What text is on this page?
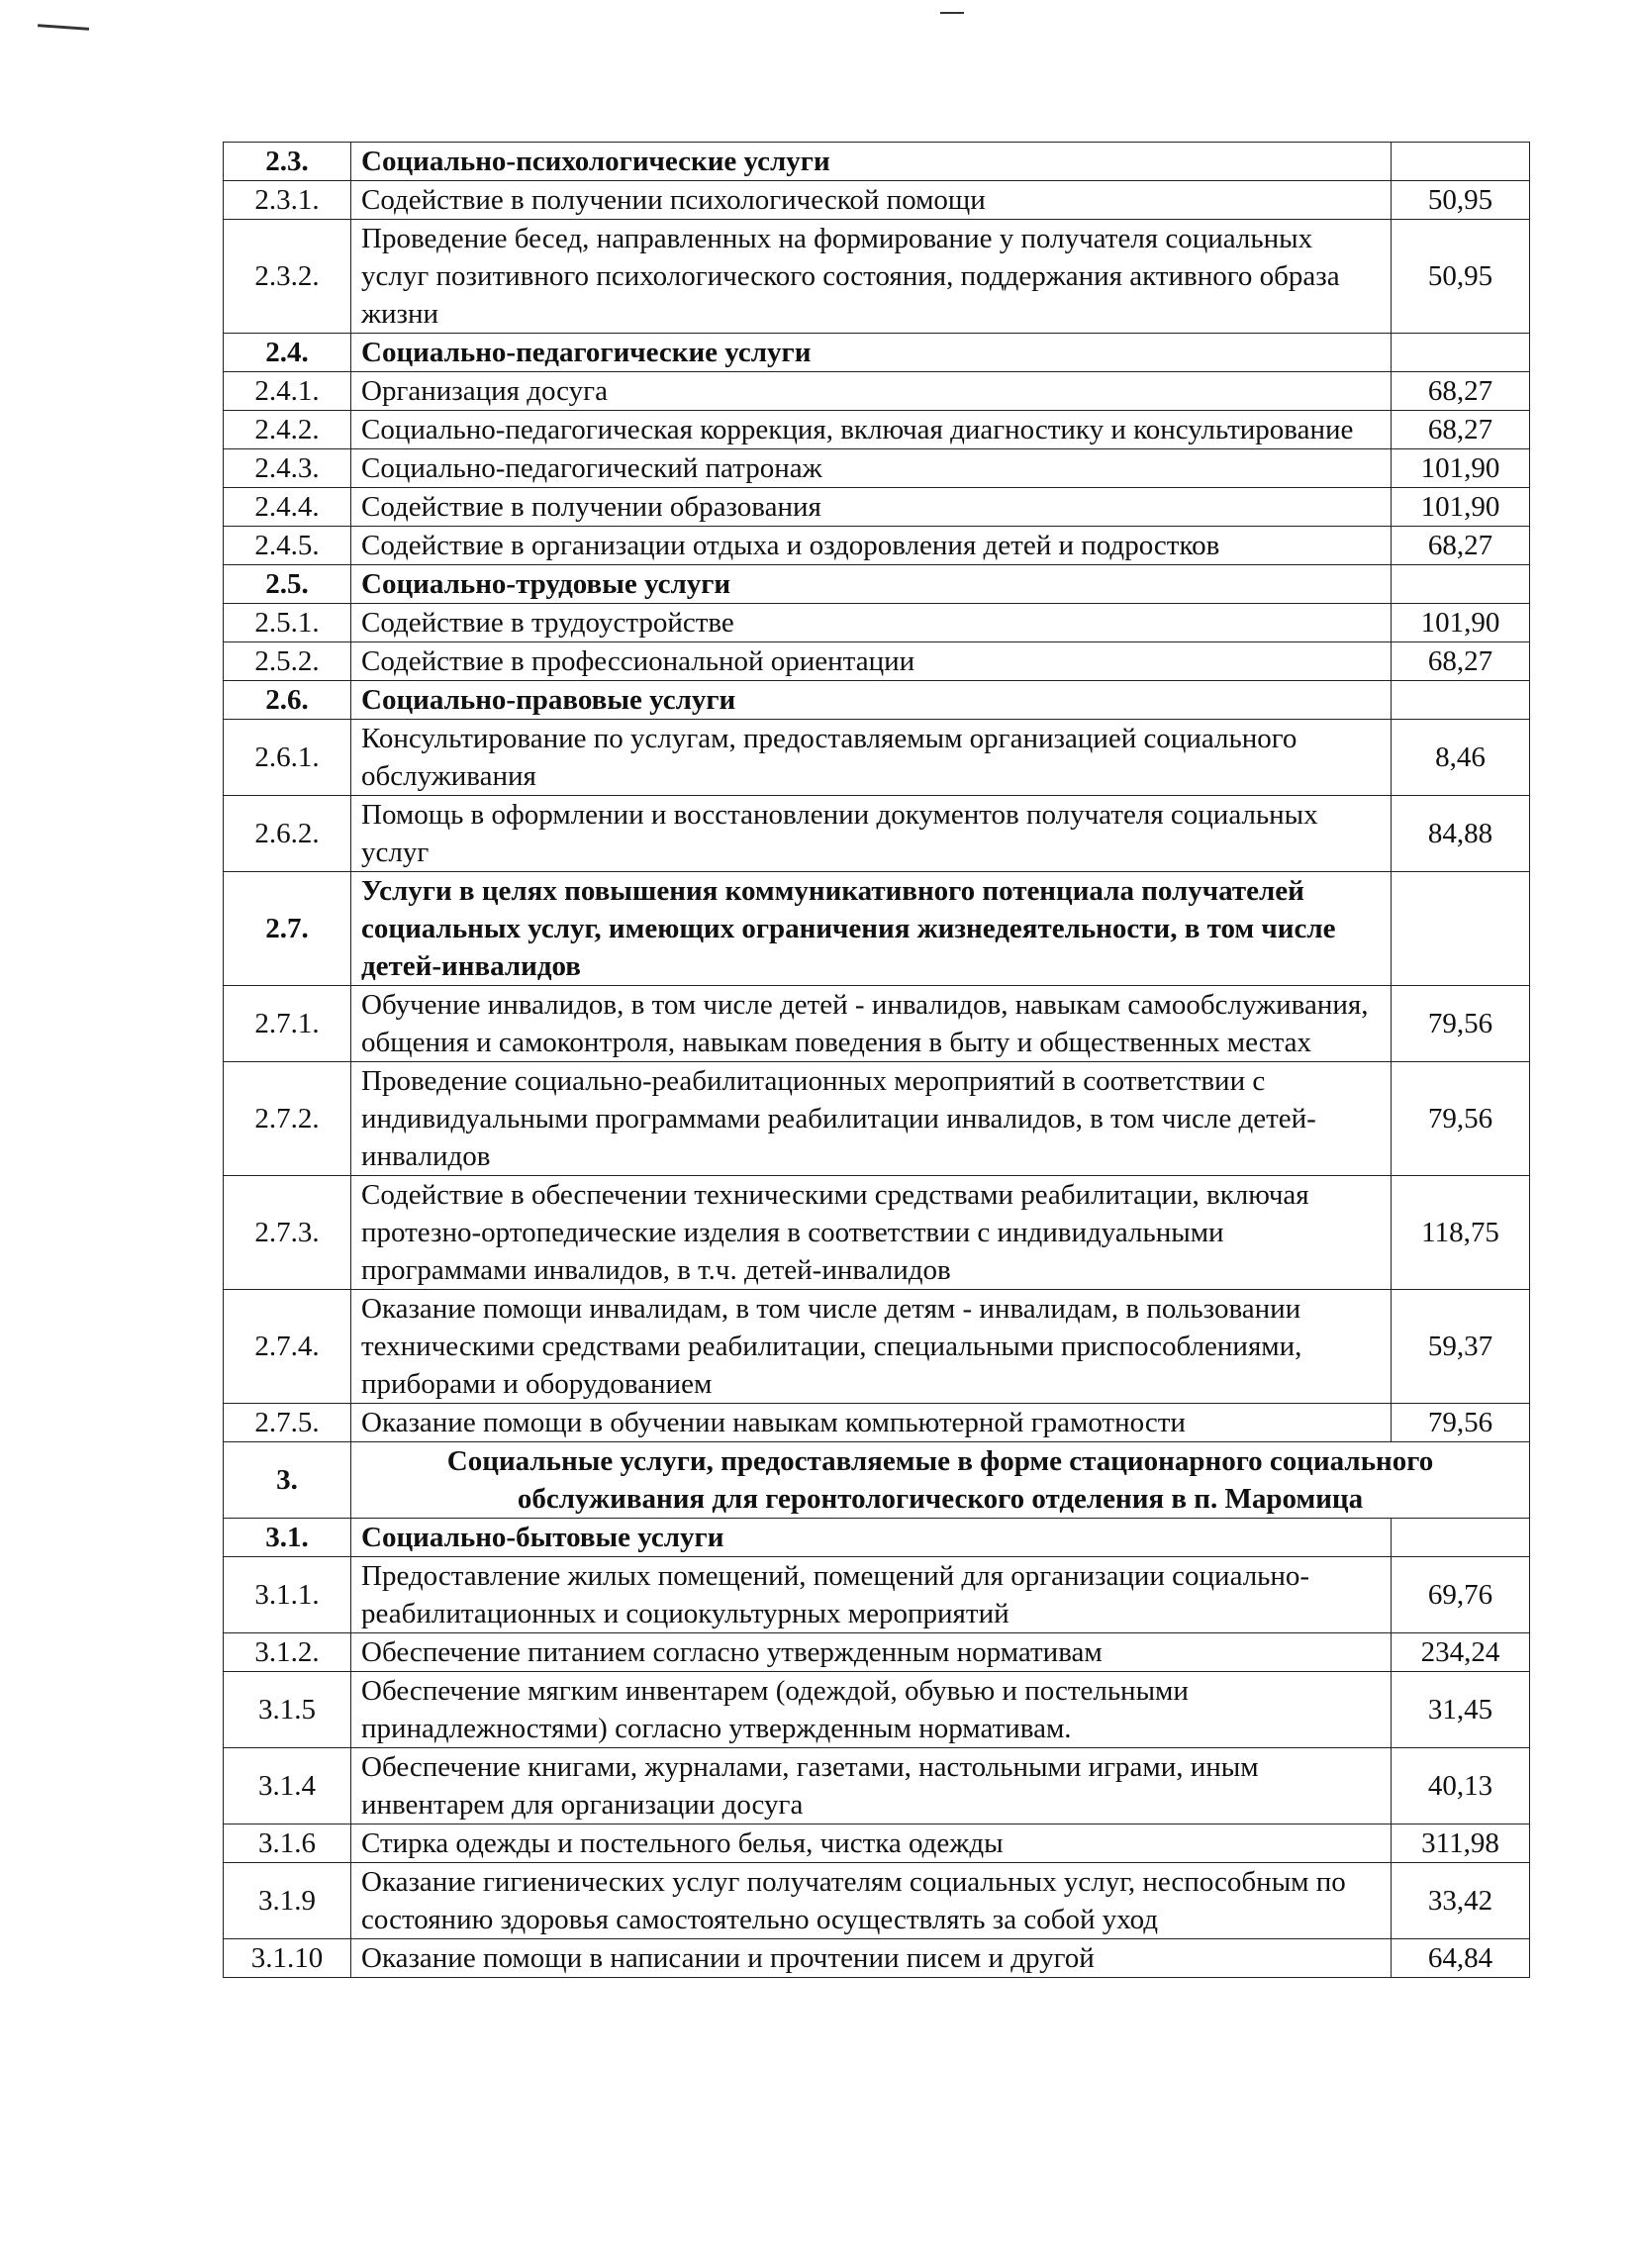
2.3.	Социально-психологические услуги	
2.3.1.	Содействие в получении психологической помощи	50,95
2.3.2.	Проведение бесед, направленных на формирование у получателя социальных услуг позитивного психологического состояния, поддержания активного образа жизни	50,95
2.4.	Социально-педагогические услуги	
2.4.1.	Организация досуга	68,27
2.4.2.	Социально-педагогическая коррекция, включая диагностику и консультирование	68,27
2.4.3.	Социально-педагогический патронаж	101,90
2.4.4.	Содействие в получении образования	101,90
2.4.5.	Содействие в организации отдыха и оздоровления детей и подростков	68,27
2.5.	Социально-трудовые услуги	
2.5.1.	Содействие в трудоустройстве	101,90
2.5.2.	Содействие в профессиональной ориентации	68,27
2.6.	Социально-правовые услуги	
2.6.1.	Консультирование по услугам, предоставляемым организацией социального обслуживания	8,46
2.6.2.	Помощь в оформлении и восстановлении документов получателя социальных услуг	84,88
2.7.	Услуги в целях повышения коммуникативного потенциала получателей социальных услуг, имеющих ограничения жизнедеятельности, в том числе детей-инвалидов	
2.7.1.	Обучение инвалидов, в том числе детей - инвалидов, навыкам самообслуживания, общения и самоконтроля, навыкам поведения в быту и общественных местах	79,56
2.7.2.	Проведение социально-реабилитационных мероприятий в соответствии с индивидуальными программами реабилитации инвалидов, в том числе детей- инвалидов	79,56
2.7.3.	Содействие в обеспечении техническими средствами реабилитации, включая протезно-ортопедические изделия в соответствии с индивидуальными программами инвалидов, в т.ч. детей-инвалидов	118,75
2.7.4.	Оказание помощи инвалидам, в том числе детям - инвалидам, в пользовании техническими средствами реабилитации, специальными приспособлениями, приборами и оборудованием	59,37
2.7.5.	Оказание помощи в обучении навыкам компьютерной грамотности	79,56
3.	Социальные услуги, предоставляемые в форме стационарного социального обслуживания для геронтологического отделения в п. Маромица	
3.1.	Социально-бытовые услуги	
3.1.1.	Предоставление жилых помещений, помещений для организации социально-реабилитационных и социокультурных мероприятий	69,76
3.1.2.	Обеспечение питанием согласно утвержденным нормативам	234,24
3.1.5	Обеспечение мягким инвентарем (одеждой, обувью и постельными принадлежностями) согласно утвержденным нормативам.	31,45
3.1.4	Обеспечение книгами, журналами, газетами, настольными играми, иным инвентарем для организации досуга	40,13
3.1.6	Стирка одежды и постельного белья, чистка одежды	311,98
3.1.9	Оказание гигиенических услуг получателям социальных услуг, неспособным по состоянию здоровья самостоятельно осуществлять за собой уход	33,42
3.1.10	Оказание помощи в написании и прочтении писем и другой	64,84
